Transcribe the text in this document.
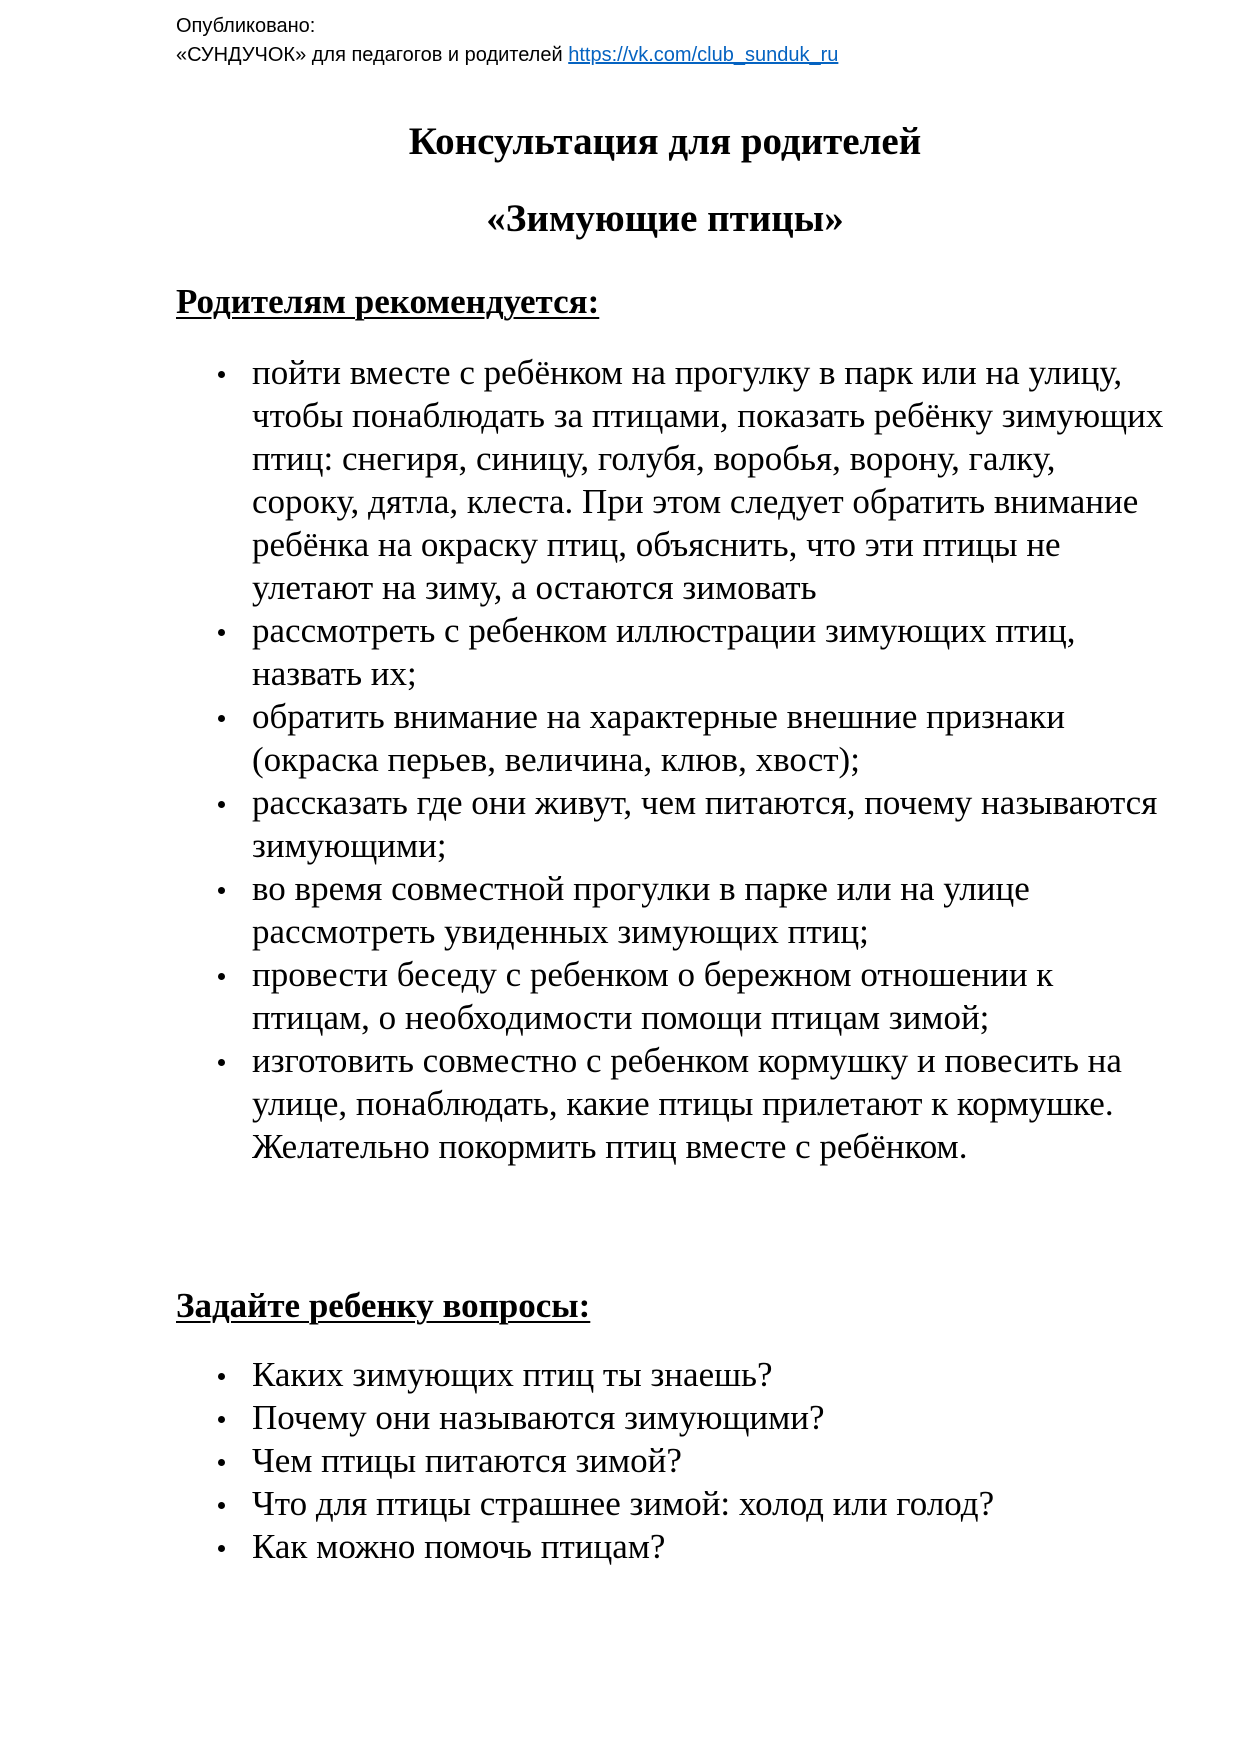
Опубликовано:
«СУНДУЧОК» для педагогов и родителей https://vk.com/club_sunduk_ru
Консультация для родителей
«Зимующие птицы»
Родителям рекомендуется:
пойти вместе с ребёнком на прогулку в парк или на улицу, чтобы понаблюдать за птицами, показать ребёнку зимующих птиц: снегиря, синицу, голубя, воробья, ворону, галку, сороку, дятла, клеста. При этом следует обратить внимание ребёнка на окраску птиц, объяснить, что эти птицы не улетают на зиму, а остаются зимовать
рассмотреть с ребенком иллюстрации зимующих птиц, назвать их;
обратить внимание на характерные внешние признаки (окраска перьев, величина, клюв, хвост);
рассказать где они живут, чем питаются, почему называются зимующими;
во время совместной прогулки в парке или на улице рассмотреть увиденных зимующих птиц;
провести беседу с ребенком о бережном отношении к птицам, о необходимости помощи птицам зимой;
изготовить совместно с ребенком кормушку и повесить на улице, понаблюдать, какие птицы прилетают к кормушке. Желательно покормить птиц вместе с ребёнком.
Задайте ребенку вопросы:
Каких зимующих птиц ты знаешь?
Почему они называются зимующими?
Чем птицы питаются зимой?
Что для птицы страшнее зимой: холод или голод?
Как можно помочь птицам?
